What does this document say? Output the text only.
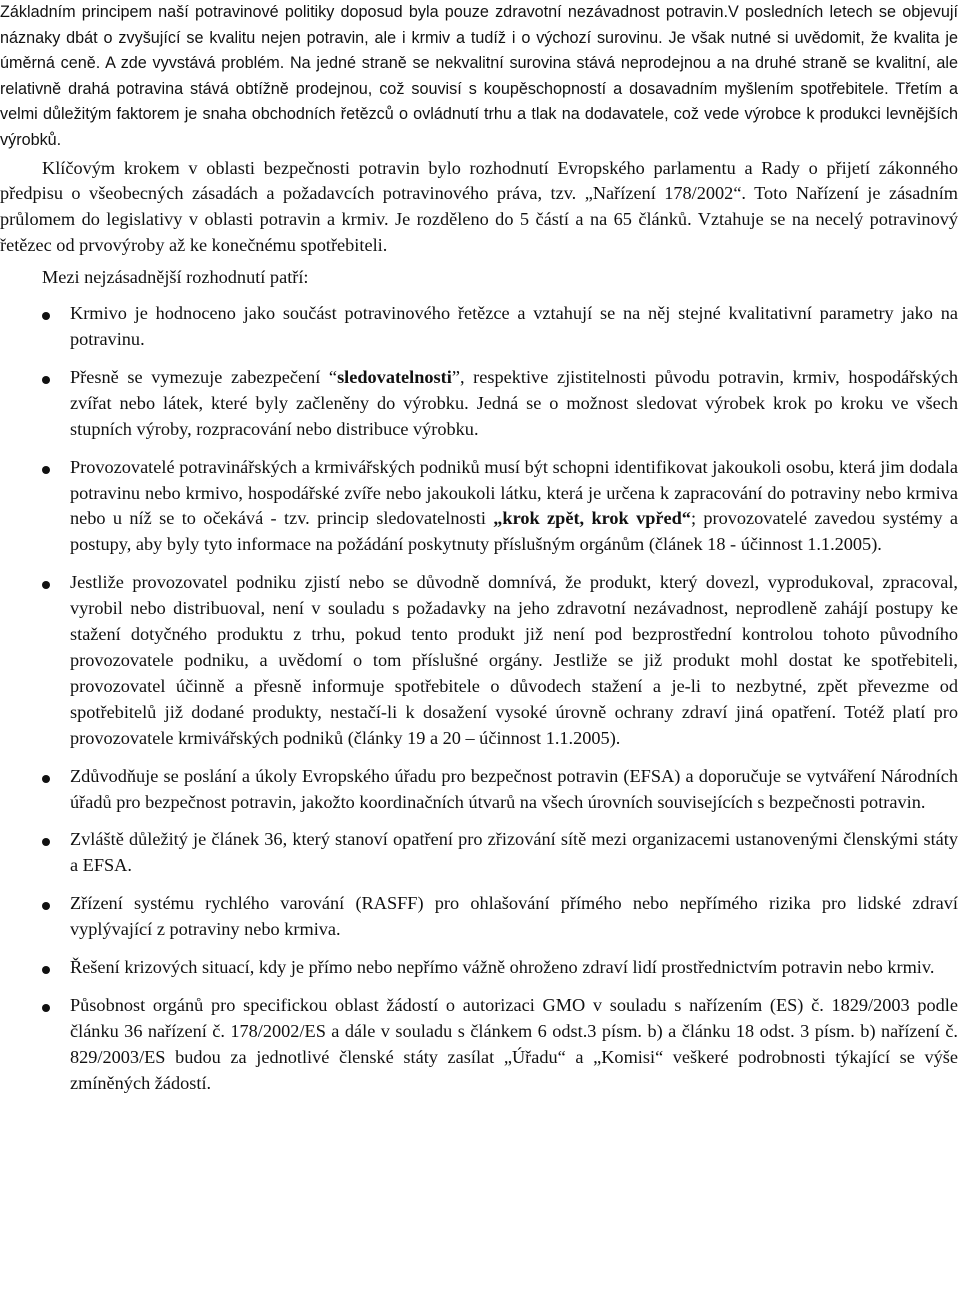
Základním principem naší potravinové politiky doposud byla pouze zdravotní nezávadnost potravin.V posledních letech se objevují náznaky dbát o zvyšující se kvalitu nejen potravin, ale i krmiv a tudíž i o výchozí surovinu. Je však nutné si uvědomit, že kvalita je úměrná ceně. A zde vyvstává problém. Na jedné straně se nekvalitní surovina stává neprodejnou a na druhé straně se kvalitní, ale relativně drahá potravina stává obtížně prodejnou, což souvisí s koupěschopností a dosavadním myšlením spotřebitele. Třetím a velmi důležitým faktorem je snaha obchodních řetězců o ovládnutí trhu a tlak na dodavatele, což vede výrobce k produkci levnějších výrobků.

Klíčovým krokem v oblasti bezpečnosti potravin bylo rozhodnutí Evropského parlamentu a Rady o přijetí zákonného předpisu o všeobecných zásadách a požadavcích potravinového práva, tzv. „Nařízení 178/2002“. Toto Nařízení je zásadním průlomem do legislativy v oblasti potravin a krmiv. Je rozděleno do 5 částí a na 65 článků. Vztahuje se na necelý potravinový řetězec od prvovýroby až ke konečnému spotřebiteli.

Mezi nejzásadnější rozhodnutí patří:

Krmivo je hodnoceno jako součást potravinového řetězce a vztahují se na něj stejné kvalitativní parametry jako na potravinu.
Přesně se vymezuje zabezpečení “sledovatelnosti”, respektive zjistitelnosti původu potravin, krmiv, hospodářských zvířat nebo látek, které byly začleněny do výrobku. Jedná se o možnost sledovat výrobek krok po kroku ve všech stupních výroby, rozpracování nebo distribuce výrobku.
Provozovatelé potravinářských a krmivářských podniků musí být schopni identifikovat jakoukoli osobu, která jim dodala potravinu nebo krmivo, hospodářské zvíře nebo jakoukoli látku, která je určena k zapracování do potraviny nebo krmiva nebo u níž se to očekává - tzv. princip sledovatelnosti „krok zpět, krok vpřed“; provozovatelé zavedou systémy a postupy, aby byly tyto informace na požádání poskytnuty příslušným orgánům (článek 18 - účinnost 1.1.2005).
Jestliže provozovatel podniku zjistí nebo se důvodně domnívá, že produkt, který dovezl, vyprodukoval, zpracoval, vyrobil nebo distribuoval, není v souladu s požadavky na jeho zdravotní nezávadnost, neprodleně zahájí postupy ke stažení dotyčného produktu z trhu, pokud tento produkt již není pod bezprostřední kontrolou tohoto původního provozovatele podniku, a uvědomí o tom příslušné orgány. Jestliže se již produkt mohl dostat ke spotřebiteli, provozovatel účinně a přesně informuje spotřebitele o důvodech stažení a je-li to nezbytné, zpět převezme od spotřebitelů již dodané produkty, nestačí-li k dosažení vysoké úrovně ochrany zdraví jiná opatření. Totéž platí pro provozovatele krmivářských podniků (články 19 a 20 – účinnost 1.1.2005).
Zdůvodňuje se poslání a úkoly Evropského úřadu pro bezpečnost potravin (EFSA) a doporučuje se vytváření Národních úřadů pro bezpečnost potravin, jakožto koordinačních útvarů na všech úrovních souvisejících s bezpečnosti potravin.
Zvláště důležitý je článek 36, který stanoví opatření pro zřizování sítě mezi organizacemi ustanovenými členskými státy a EFSA.
Zřízení systému rychlého varování (RASFF) pro ohlašování přímého nebo nepřímého rizika pro lidské zdraví vyplývající z potraviny nebo krmiva.
Řešení krizových situací, kdy je přímo nebo nepřímo vážně ohroženo zdraví lidí prostřednictvím potravin nebo krmiv.
Působnost orgánů pro specifickou oblast žádostí o autorizaci GMO v souladu s nařízením (ES) č. 1829/2003 podle článku 36 nařízení č. 178/2002/ES a dále v souladu s článkem 6 odst.3 písm. b) a článku 18 odst. 3 písm. b) nařízení č. 829/2003/ES budou za jednotlivé členské státy zasílat „Úřadu“ a „Komisi“ veškeré podrobnosti týkající se výše zmíněných žádostí.
